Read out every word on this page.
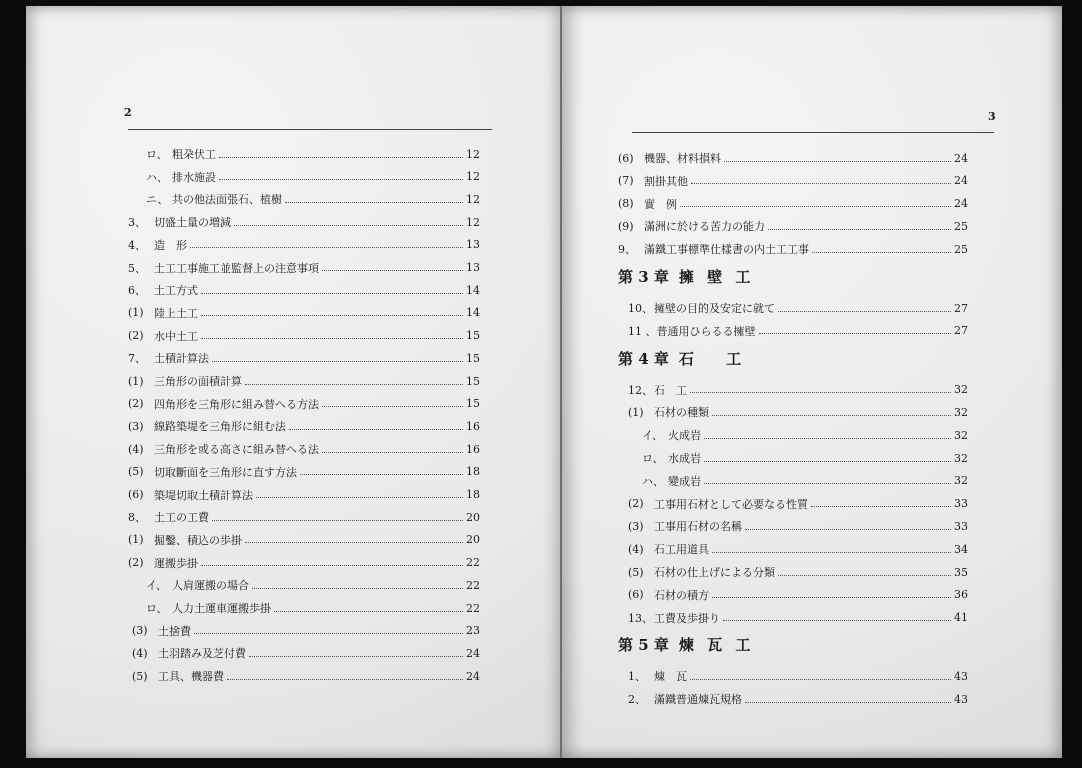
2
ロ、 粗朶伏工	12
ハ、 排水施設	12
ニ、 共の他法面張石、植樹	12
3、 切盛土量の増減	12
4、 造　形	13
5、 土工工事施工並監督上の注意事項	13
6、 土工方式	14
(1) 陸上土工	14
(2) 水中土工	15
7、 土積計算法	15
(1) 三角形の面積計算	15
(2) 四角形を三角形に組み替へる方法	15
(3) 線路築堤を三角形に組む法	16
(4) 三角形を或る高さに組み替へる法	16
(5) 切取斷面を三角形に直す方法	18
(6) 築堤切取土積計算法	18
8、 土工の工費	20
(1) 掘鑿、積込の歩掛	20
(2) 運搬歩掛	22
イ、 人肩運搬の場合	22
ロ、 人力土運車運搬歩掛	22
(3) 土捨費	23
(4) 土羽踏み及芝付費	24
(5) 工具、機器費	24
3
(6) 機器、材料損料	24
(7) 割掛其他	24
(8) 實　例	24
(9) 滿洲に於ける苦力の能力	25
9、 滿鐵工事標準仕樣書の内土工工事	25
第 3 章 擁 壁 工
10、 擁壁の目的及安定に就て	27
11 、 普通用ひらるる擁壁	27
第 4 章 石　 工
12、 石　工	32
(1) 石材の種類	32
イ、 火成岩	32
ロ、 水成岩	32
ハ、 變成岩	32
(2) 工事用石材として必要なる性質	33
(3) 工事用石材の名稱	33
(4) 石工用道具	34
(5) 石材の仕上げによる分類	35
(6) 石材の積方	36
13、 工費及歩掛り	41
第 5 章 煉 瓦 工
1、 煉　瓦	43
2、 滿鐵普通煉瓦規格	43
